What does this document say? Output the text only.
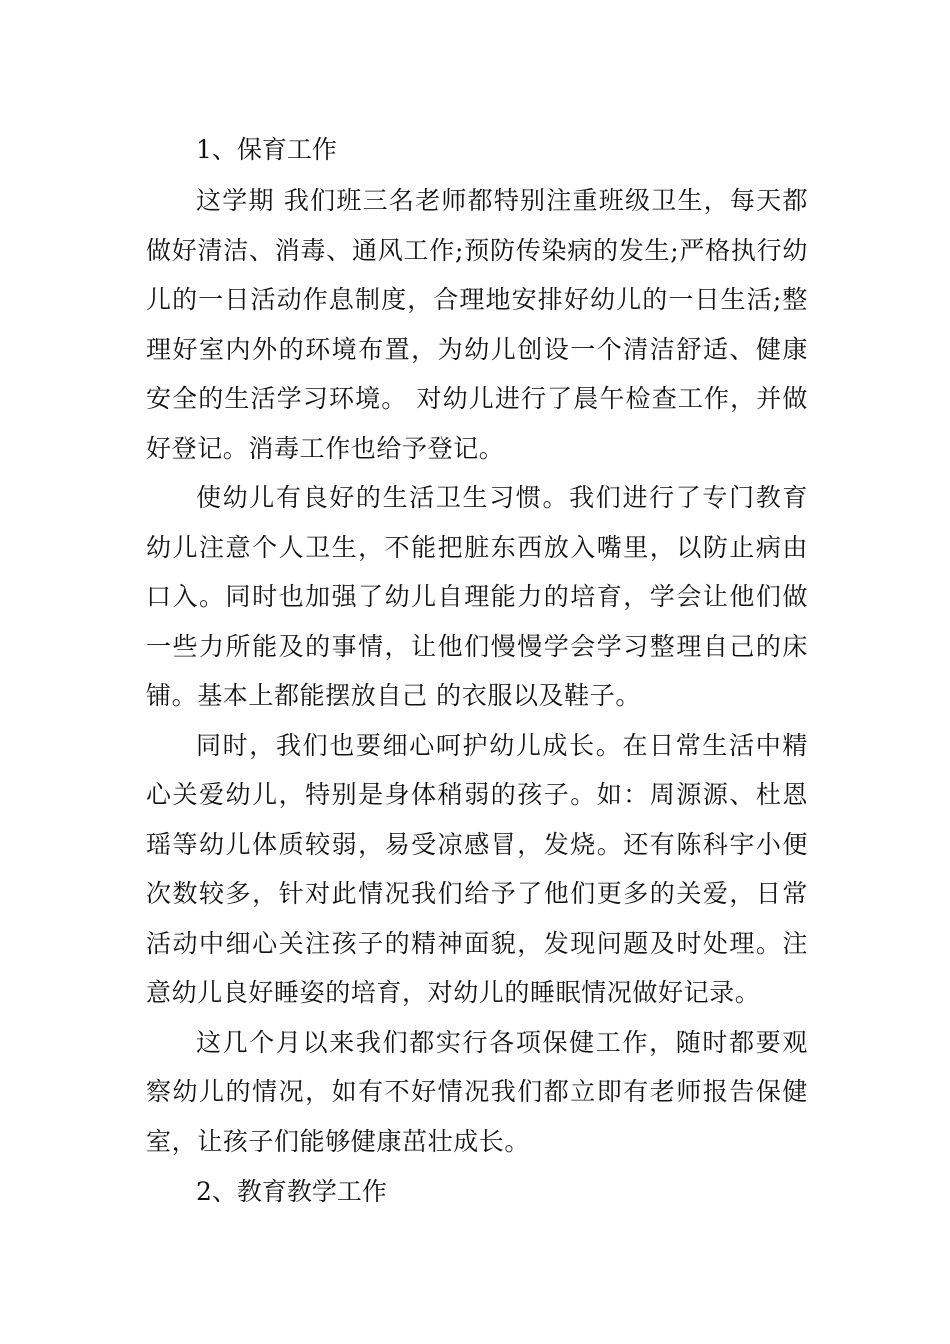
1、保育工作

这学期 我们班三名老师都特别注重班级卫生，每天都做好清洁、消毒、通风工作;预防传染病的发生;严格执行幼儿的一日活动作息制度，合理地安排好幼儿的一日生活;整理好室内外的环境布置，为幼儿创设一个清洁舒适、健康安全的生活学习环境。 对幼儿进行了晨午检查工作，并做好登记。消毒工作也给予登记。

使幼儿有良好的生活卫生习惯。我们进行了专门教育幼儿注意个人卫生，不能把脏东西放入嘴里，以防止病由口入。同时也加强了幼儿自理能力的培育，学会让他们做一些力所能及的事情，让他们慢慢学会学习整理自己的床铺。基本上都能摆放自己 的衣服以及鞋子。

同时，我们也要细心呵护幼儿成长。在日常生活中精心关爱幼儿，特别是身体稍弱的孩子。如：周源源、杜恩瑶等幼儿体质较弱，易受凉感冒，发烧。还有陈科宇小便次数较多，针对此情况我们给予了他们更多的关爱，日常活动中细心关注孩子的精神面貌，发现问题及时处理。注意幼儿良好睡姿的培育，对幼儿的睡眠情况做好记录。

这几个月以来我们都实行各项保健工作，随时都要观察幼儿的情况，如有不好情况我们都立即有老师报告保健室，让孩子们能够健康茁壮成长。

2、教育教学工作
